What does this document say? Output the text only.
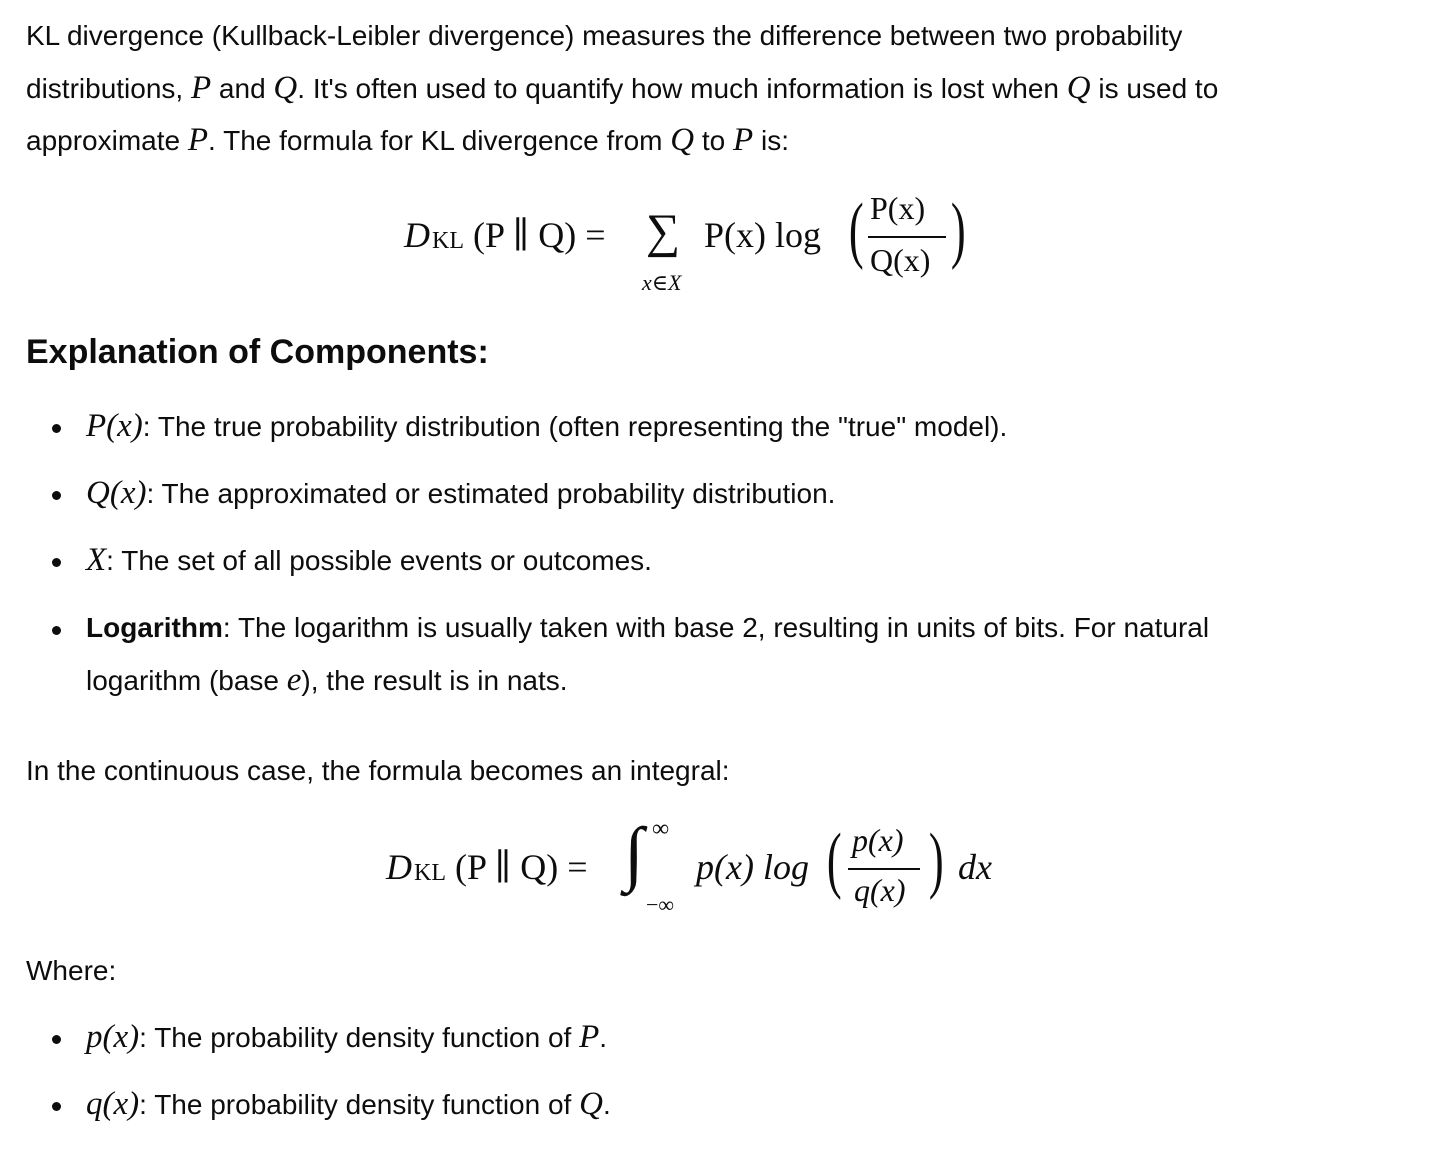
KL divergence (Kullback-Leibler divergence) measures the difference between two probability
distributions, P and Q. It's often used to quantify how much information is lost when Q is used to
approximate P. The formula for KL divergence from Q to P is:
D KL (P ∥ Q) = ∑
x∈X
P(x) log ( P(x)
Q(x) )
Explanation of Components:
P(x): The true probability distribution (often representing the "true" model).
Q(x): The approximated or estimated probability distribution.
X: The set of all possible events or outcomes.
Logarithm: The logarithm is usually taken with base 2, resulting in units of bits. For natural
logarithm (base e), the result is in nats.
In the continuous case, the formula becomes an integral:
D KL (P ∥ Q) = ∫ ∞
−∞
p(x) log ( p(x)
q(x) ) dx
Where:
p(x): The probability density function of P.
q(x): The probability density function of Q.
